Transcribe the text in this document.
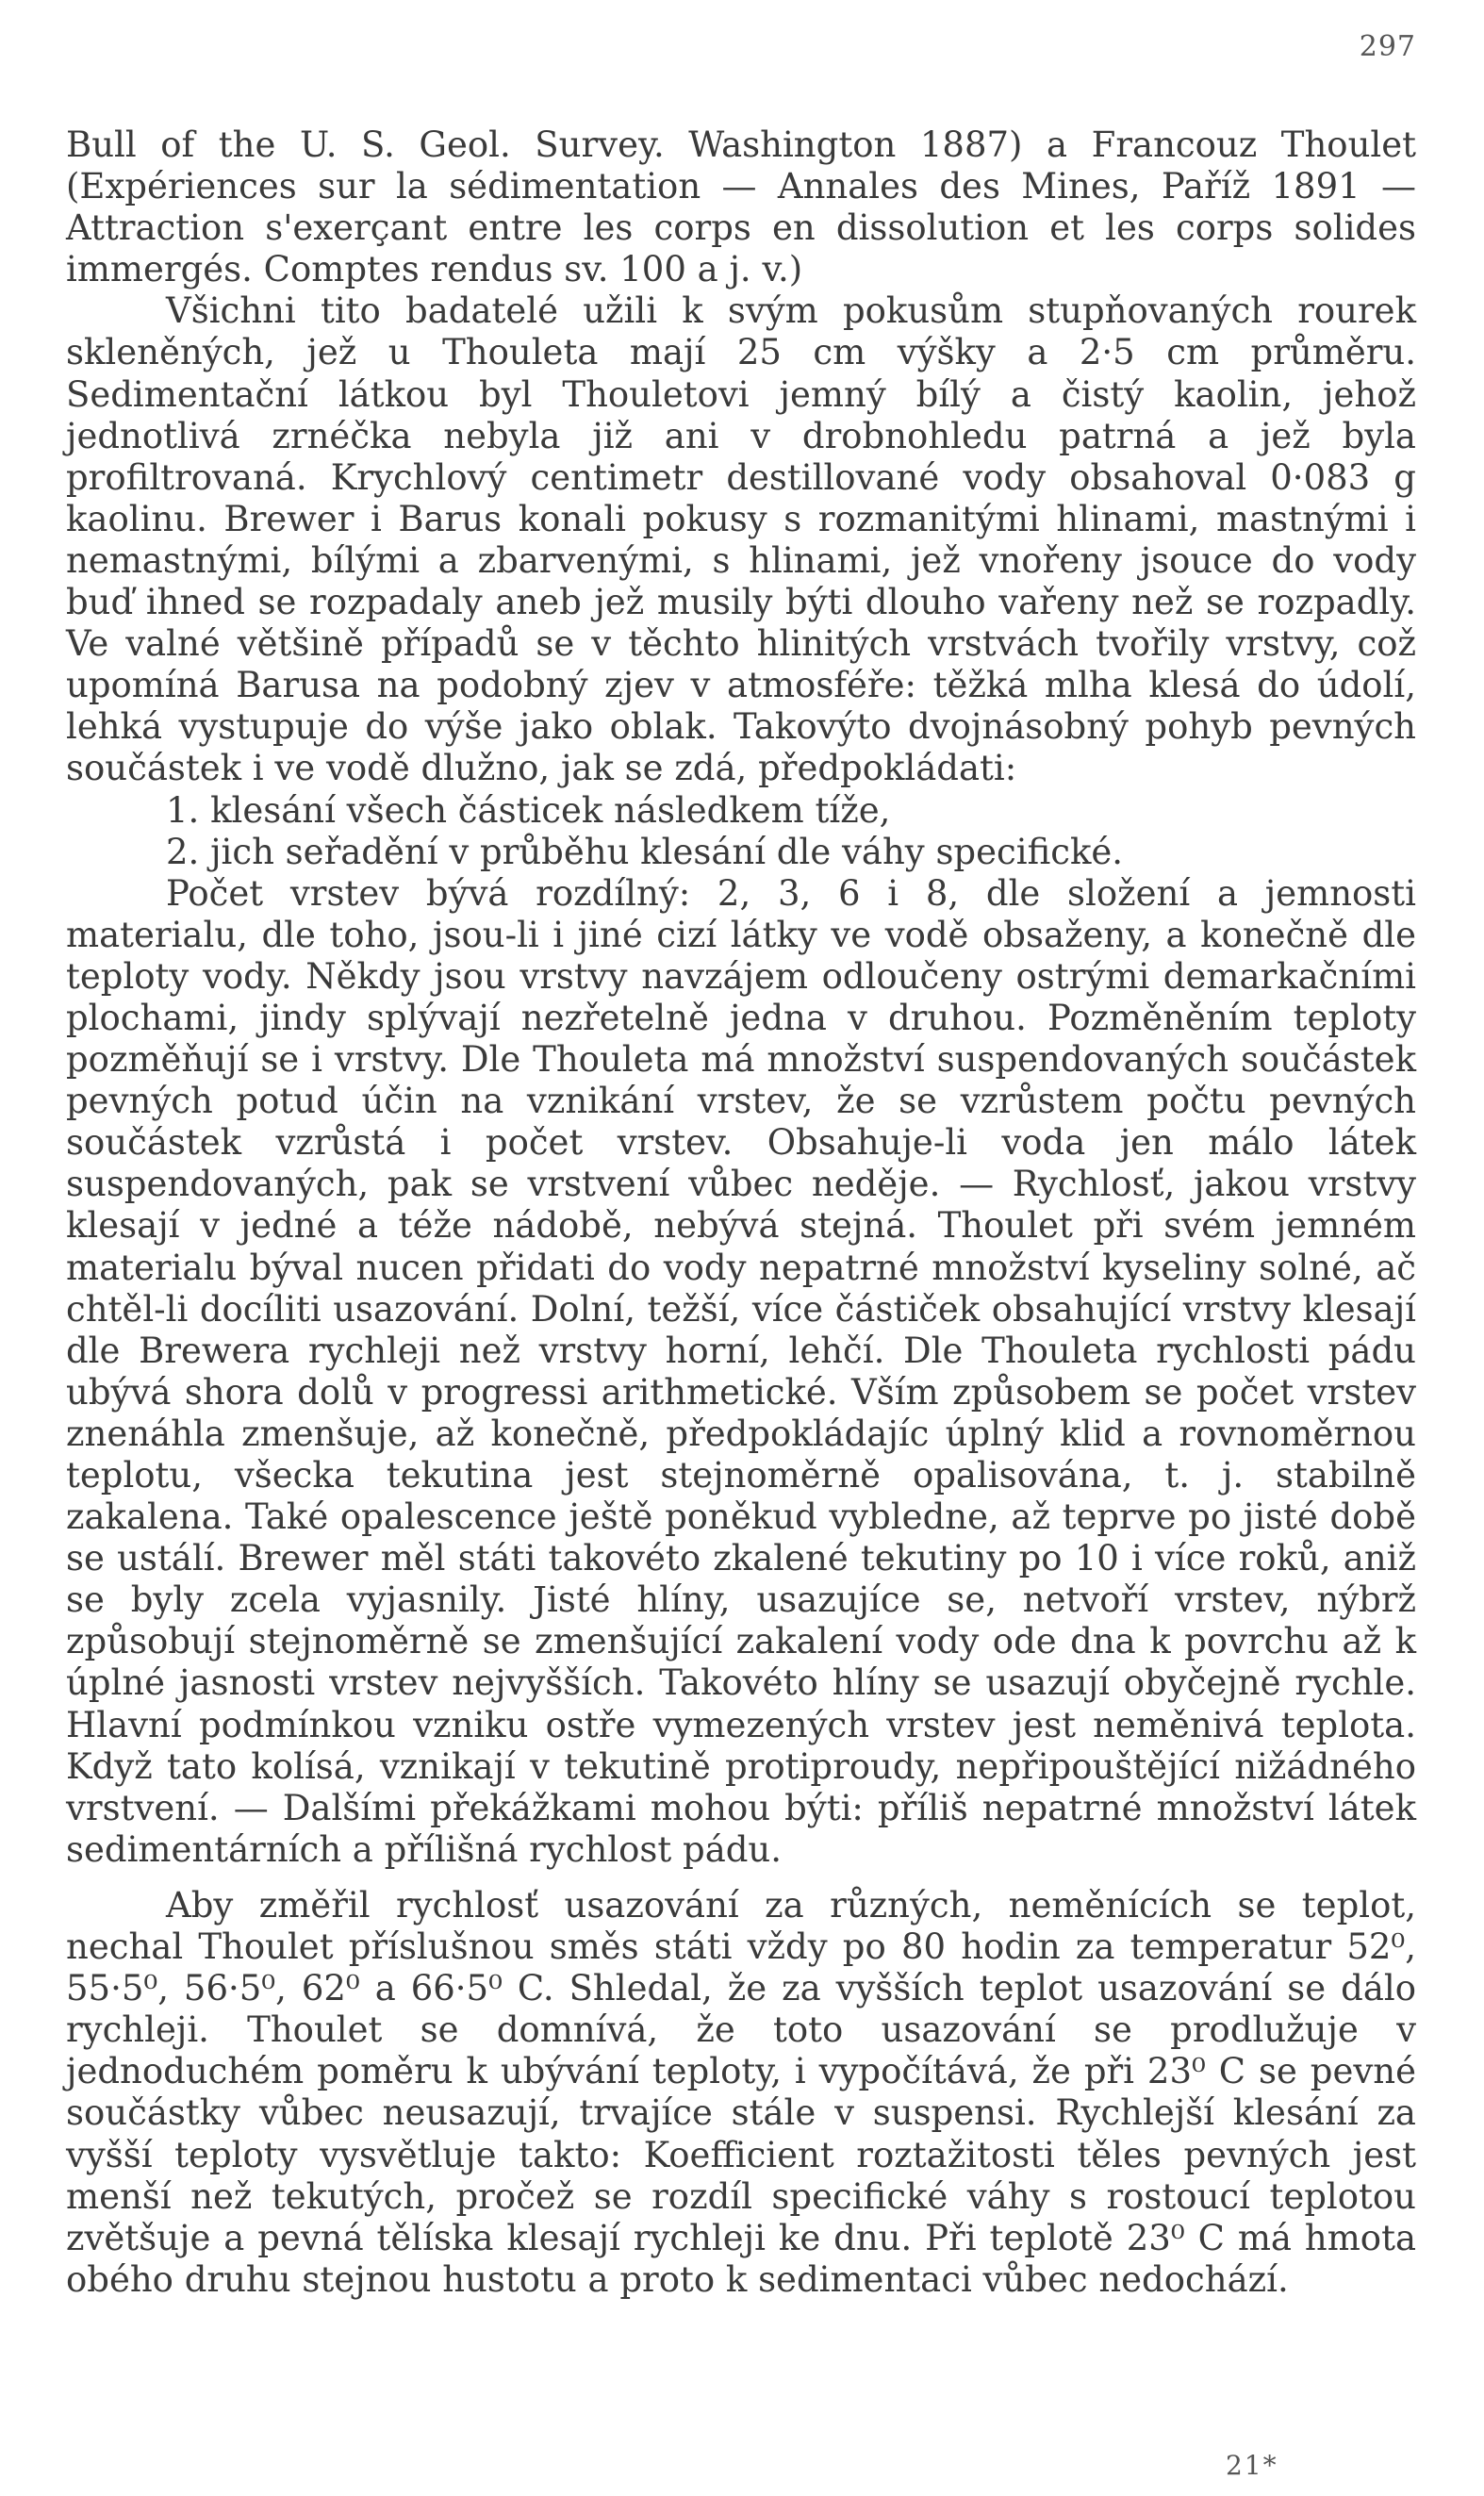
297

Bull of the U. S. Geol. Survey. Washington 1887) a Francouz Thoulet (Expériences sur la sédimentation — Annales des Mines, Paříž 1891 — Attraction s'exerçant entre les corps en dissolution et les corps solides immergés. Comptes rendus sv. 100 a j. v.)

Všichni tito badatelé užili k svým pokusům stupňovaných rourek skleněných, jež u Thouleta mají 25 cm výšky a 2·5 cm průměru. Sedimentační látkou byl Thouletovi jemný bílý a čistý kaolin, jehož jednotlivá zrnéčka nebyla již ani v drobnohledu patrná a jež byla profiltrovaná. Krychlový centimetr destillované vody obsahoval 0·083 g kaolinu. Brewer i Barus konali pokusy s rozmanitými hlinami, mastnými i nemastnými, bílými a zbarvenými, s hlinami, jež vnořeny jsouce do vody buď ihned se rozpadaly aneb jež musily býti dlouho vařeny než se rozpadly. Ve valné většině případů se v těchto hlinitých vrstvách tvořily vrstvy, což upomíná Barusa na podobný zjev v atmosféře: těžká mlha klesá do údolí, lehká vystupuje do výše jako oblak. Takovýto dvojnásobný pohyb pevných součástek i ve vodě dlužno, jak se zdá, předpokládati:

1. klesání všech částicek následkem tíže,
2. jich seřadění v průběhu klesání dle váhy specifické.

Počet vrstev bývá rozdílný: 2, 3, 6 i 8, dle složení a jemnosti materialu, dle toho, jsou-li i jiné cizí látky ve vodě obsaženy, a konečně dle teploty vody. Někdy jsou vrstvy navzájem odloučeny ostrými demarkačními plochami, jindy splývají nezřetelně jedna v druhou. Pozměněním teploty pozměňují se i vrstvy. Dle Thouleta má množství suspendovaných součástek pevných potud účin na vznikání vrstev, že se vzrůstem počtu pevných součástek vzrůstá i počet vrstev. Obsahuje-li voda jen málo látek suspendovaných, pak se vrstvení vůbec neděje. — Rychlosť, jakou vrstvy klesají v jedné a téže nádobě, nebývá stejná. Thoulet při svém jemném materialu býval nucen přidati do vody nepatrné množství kyseliny solné, ač chtěl-li docíliti usazování. Dolní, težší, více částiček obsahující vrstvy klesají dle Brewera rychleji než vrstvy horní, lehčí. Dle Thouleta rychlosti pádu ubývá shora dolů v progressi arithmetické. Vším způsobem se počet vrstev znenáhla zmenšuje, až konečně, předpokládajíc úplný klid a rovnoměrnou teplotu, všecka tekutina jest stejnoměrně opalisována, t. j. stabilně zakalena. Také opalescence ještě poněkud vybledne, až teprve po jisté době se ustálí. Brewer měl státi takovéto zkalené tekutiny po 10 i více roků, aniž se byly zcela vyjasnily. Jisté hlíny, usazujíce se, netvoří vrstev, nýbrž způsobují stejnoměrně se zmenšující zakalení vody ode dna k povrchu až k úplné jasnosti vrstev nejvyšších. Takovéto hlíny se usazují obyčejně rychle. Hlavní podmínkou vzniku ostře vymezených vrstev jest neměnivá teplota. Když tato kolísá, vznikají v tekutině protiproudy, nepřipouštějící nižádného vrstvení. — Dalšími překážkami mohou býti: příliš nepatrné množství látek sedimentárních a přílišná rychlost pádu.

Aby změřil rychlosť usazování za různých, neměnících se teplot, nechal Thoulet příslušnou směs státi vždy po 80 hodin za temperatur 52⁰, 55·5⁰, 56·5⁰, 62⁰ a 66·5⁰ C. Shledal, že za vyšších teplot usazování se dálo rychleji. Thoulet se domnívá, že toto usazování se prodlužuje v jednoduchém poměru k ubývání teploty, i vypočítává, že při 23⁰ C se pevné součástky vůbec neusazují, trvajíce stále v suspensi. Rychlejší klesání za vyšší teploty vysvětluje takto: Koefficient roztažitosti těles pevných jest menší než tekutých, pročež se rozdíl specifické váhy s rostoucí teplotou zvětšuje a pevná tělíska klesají rychleji ke dnu. Při teplotě 23⁰ C má hmota obého druhu stejnou hustotu a proto k sedimentaci vůbec nedochází.

21*
